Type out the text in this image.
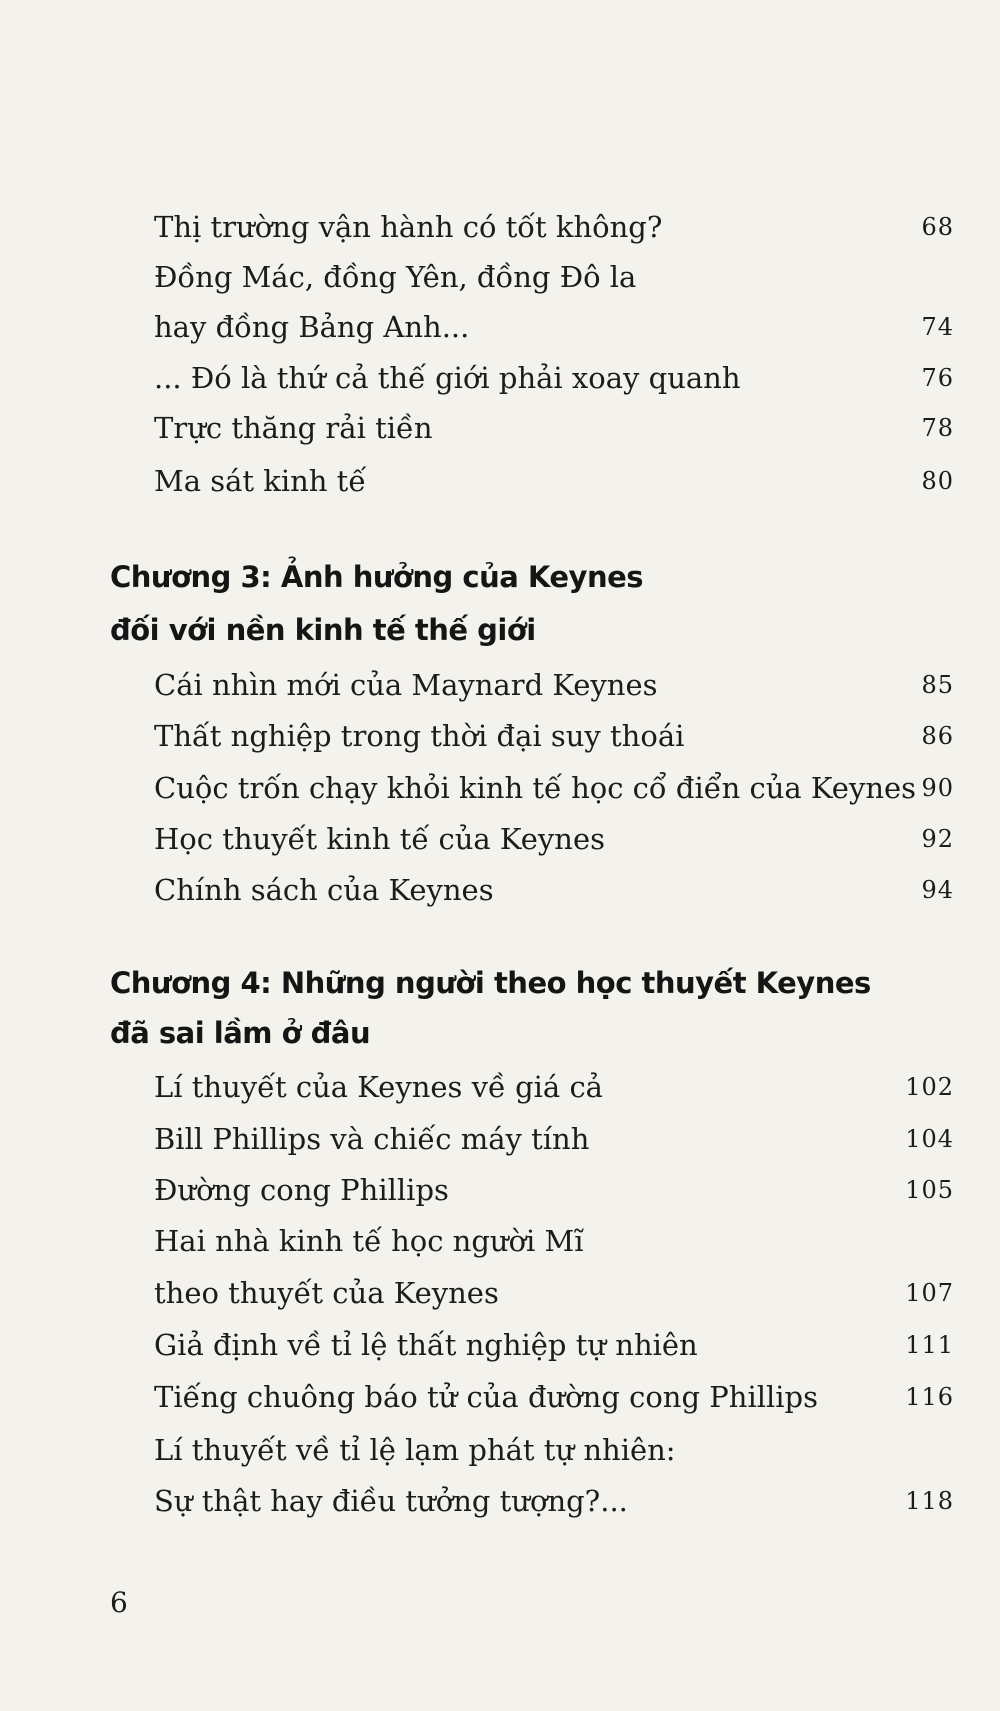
Thị trường vận hành có tốt không?	68
Đồng Mác, đồng Yên, đồng Đô la
hay đồng Bảng Anh...	74
... Đó là thứ cả thế giới phải xoay quanh	76
Trực thăng rải tiền	78
Ma sát kinh tế	80
Chương 3: Ảnh hưởng của Keynes
đối với nền kinh tế thế giới
Cái nhìn mới của Maynard Keynes	85
Thất nghiệp trong thời đại suy thoái	86
Cuộc trốn chạy khỏi kinh tế học cổ điển của Keynes 90
Học thuyết kinh tế của Keynes	92
Chính sách của Keynes	94
Chương 4: Những người theo học thuyết Keynes
đã sai lầm ở đâu
Lí thuyết của Keynes về giá cả	102
Bill Phillips và chiếc máy tính	104
Đường cong Phillips	105
Hai nhà kinh tế học người Mĩ
theo thuyết của Keynes	107
Giả định về tỉ lệ thất nghiệp tự nhiên	111
Tiếng chuông báo tử của đường cong Phillips	116
Lí thuyết về tỉ lệ lạm phát tự nhiên:
Sự thật hay điều tưởng tượng?...	118
6
